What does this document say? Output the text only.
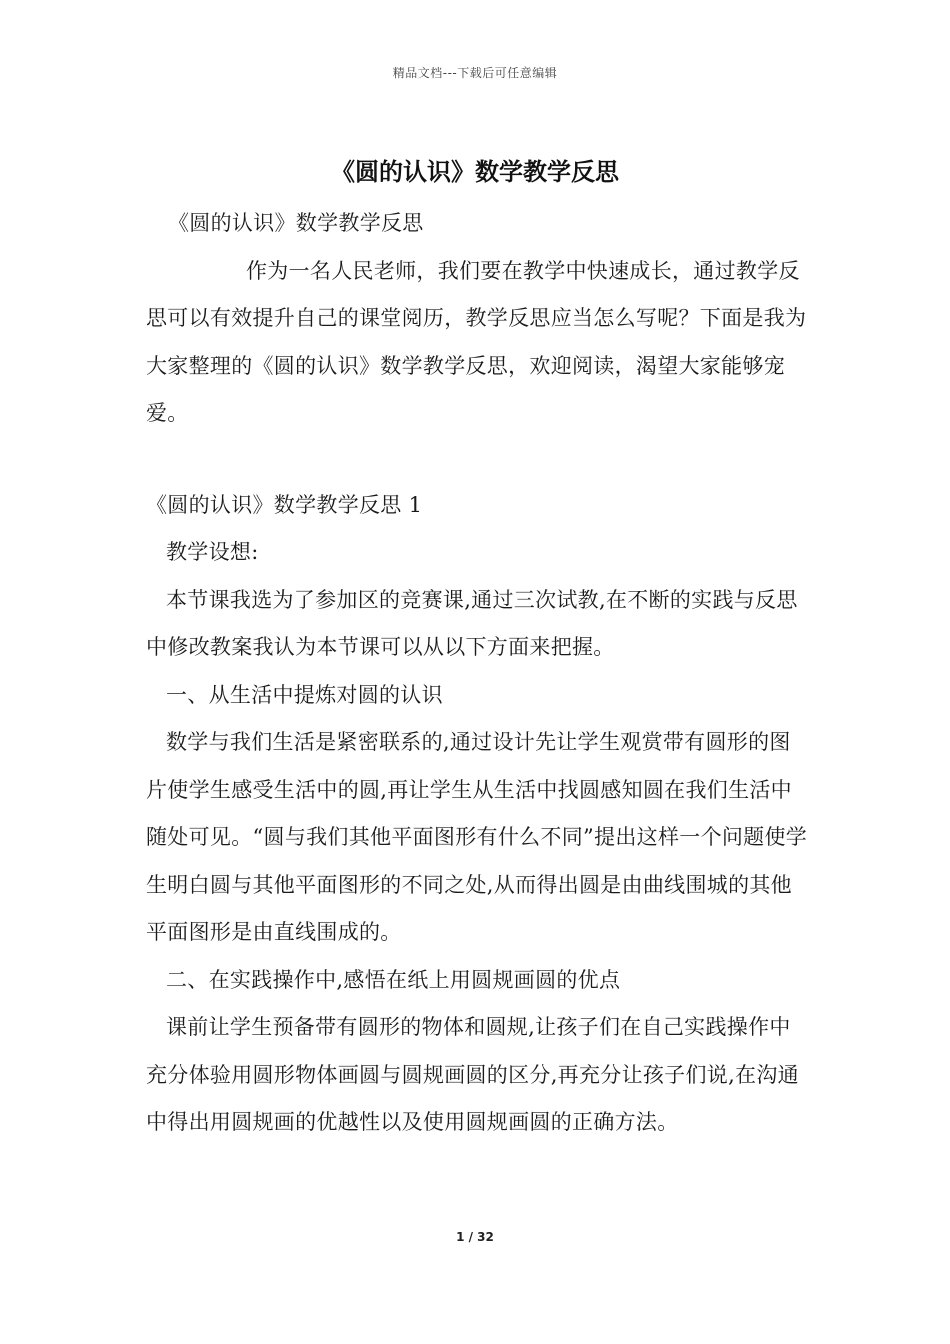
精品文档---下载后可任意编辑
《圆的认识》数学教学反思

《圆的认识》数学教学反思

作为一名人民老师，我们要在教学中快速成长，通过教学反思可以有效提升自己的课堂阅历，教学反思应当怎么写呢？下面是我为大家整理的《圆的认识》数学教学反思，欢迎阅读，渴望大家能够宠爱。

《圆的认识》数学教学反思 1

教学设想:

本节课我选为了参加区的竞赛课,通过三次试教,在不断的实践与反思中修改教案我认为本节课可以从以下方面来把握。

一、从生活中提炼对圆的认识

数学与我们生活是紧密联系的,通过设计先让学生观赏带有圆形的图片使学生感受生活中的圆,再让学生从生活中找圆感知圆在我们生活中随处可见。“圆与我们其他平面图形有什么不同”提出这样一个问题使学生明白圆与其他平面图形的不同之处,从而得出圆是由曲线围城的其他平面图形是由直线围成的。

二、在实践操作中,感悟在纸上用圆规画圆的优点

课前让学生预备带有圆形的物体和圆规,让孩子们在自己实践操作中充分体验用圆形物体画圆与圆规画圆的区分,再充分让孩子们说,在沟通中得出用圆规画的优越性以及使用圆规画圆的正确方法。

1 / 32
